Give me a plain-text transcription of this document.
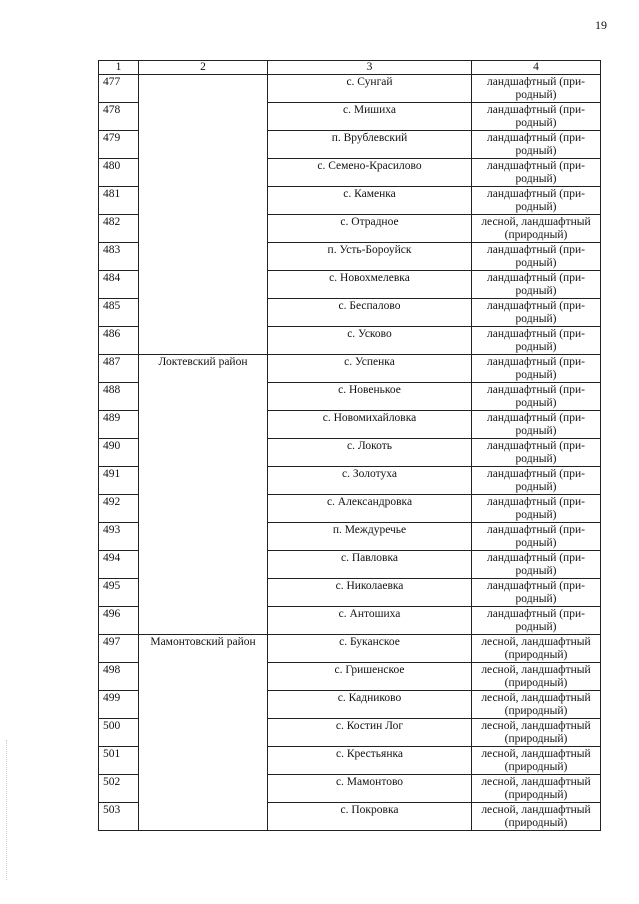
19
1	2	3	4
477		с. Сунгай	ландшафтный (при-родный)
478		с. Мишиха	ландшафтный (при-родный)
479		п. Врублевский	ландшафтный (при-родный)
480		с. Семено-Красилово	ландшафтный (при-родный)
481		с. Каменка	ландшафтный (при-родный)
482		с. Отрадное	лесной, ландшафтный (природный)
483		п. Усть-Бороуйск	ландшафтный (при-родный)
484		с. Новохмелевка	ландшафтный (при-родный)
485		с. Беспалово	ландшафтный (при-родный)
486		с. Усково	ландшафтный (при-родный)
487	Локтевский район	с. Успенка	ландшафтный (при-родный)
488		с. Новенькое	ландшафтный (при-родный)
489		с. Новомихайловка	ландшафтный (при-родный)
490		с. Локоть	ландшафтный (при-родный)
491		с. Золотуха	ландшафтный (при-родный)
492		с. Александровка	ландшафтный (при-родный)
493		п. Междуречье	ландшафтный (при-родный)
494		с. Павловка	ландшафтный (при-родный)
495		с. Николаевка	ландшафтный (при-родный)
496		с. Антошиха	ландшафтный (при-родный)
497	Мамонтовский район	с. Буканское	лесной, ландшафтный (природный)
498		с. Гришенское	лесной, ландшафтный (природный)
499		с. Кадниково	лесной, ландшафтный (природный)
500		с. Костин Лог	лесной, ландшафтный (природный)
501		с. Крестьянка	лесной, ландшафтный (природный)
502		с. Мамонтово	лесной, ландшафтный (природный)
503		с. Покровка	лесной, ландшафтный (природный)
